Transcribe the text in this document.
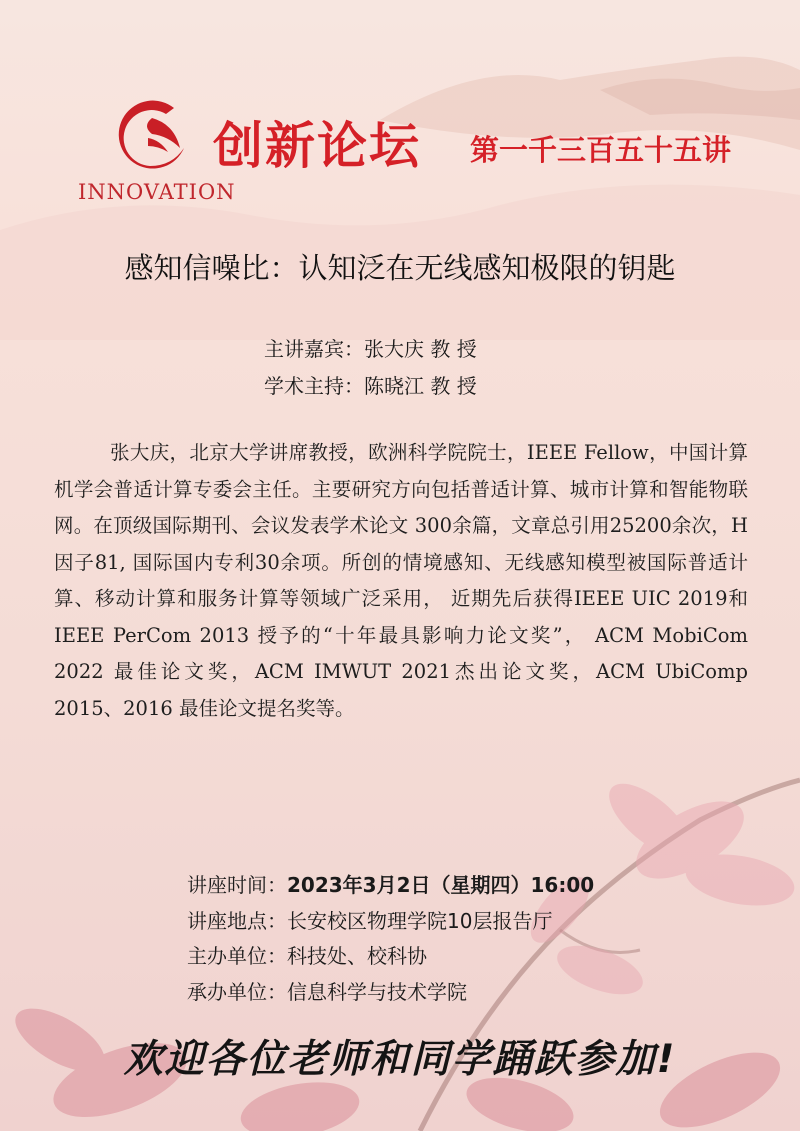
INNOVATION
创新论坛 第一千三百五十五讲
感知信噪比：认知泛在无线感知极限的钥匙
主讲嘉宾：张大庆 教 授
学术主持：陈晓江 教 授
张大庆，北京大学讲席教授，欧洲科学院院士，IEEE Fellow，中国计算机学会普适计算专委会主任。主要研究方向包括普适计算、城市计算和智能物联网。在顶级国际期刊、会议发表学术论文 300余篇，文章总引用25200余次，H因子81, 国际国内专利30余项。所创的情境感知、无线感知模型被国际普适计算、移动计算和服务计算等领域广泛采用， 近期先后获得IEEE UIC 2019和IEEE PerCom 2013 授予的“十年最具影响力论文奖”， ACM MobiCom 2022 最佳论文奖，ACM IMWUT 2021杰出论文奖，ACM UbiComp 2015、2016 最佳论文提名奖等。
讲座时间：2023年3月2日（星期四）16:00
讲座地点：长安校区物理学院10层报告厅
主办单位：科技处、校科协
承办单位：信息科学与技术学院
欢迎各位老师和同学踊跃参加!
